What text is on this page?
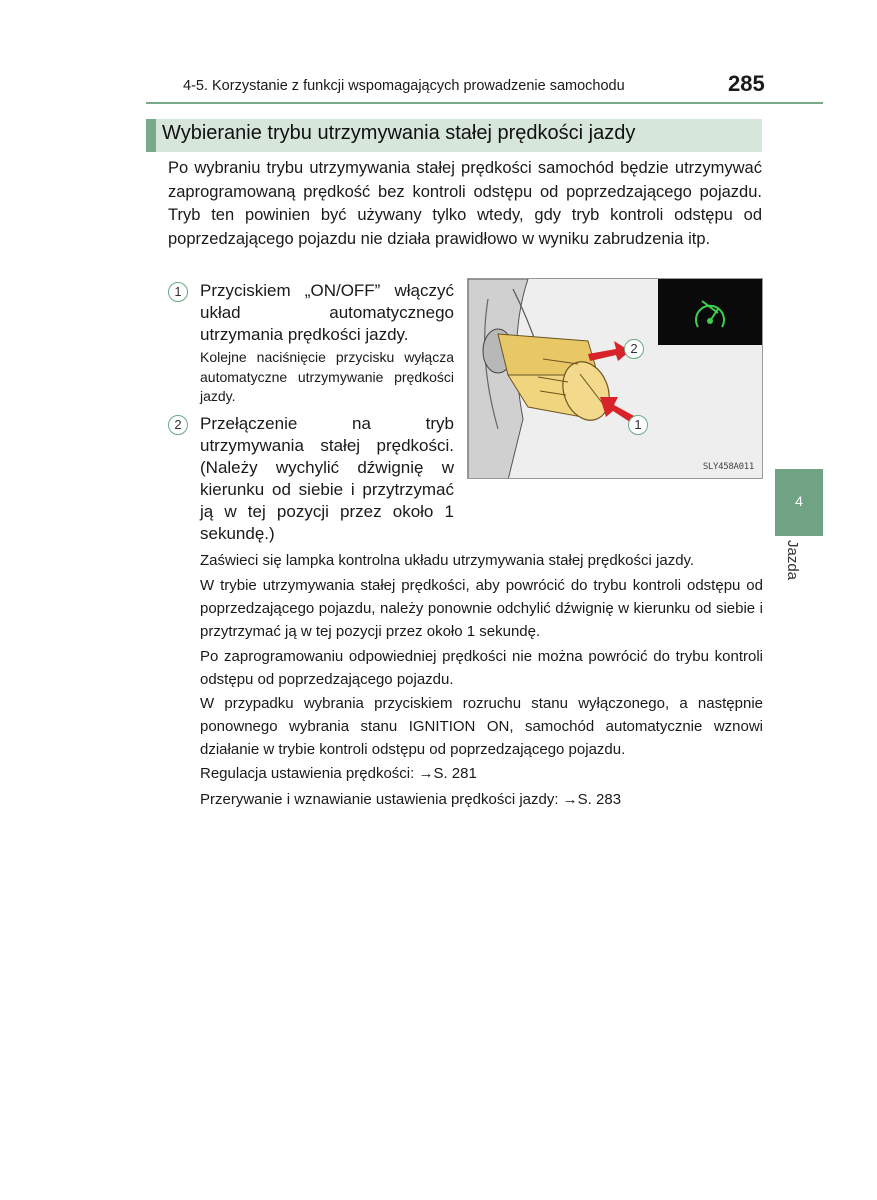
4-5. Korzystanie z funkcji wspomagających prowadzenie samochodu	285
Wybieranie trybu utrzymywania stałej prędkości jazdy

Po wybraniu trybu utrzymywania stałej prędkości samochód będzie utrzymywać zaprogramowaną prędkość bez kontroli odstępu od poprzedzającego pojazdu. Tryb ten powinien być używany tylko wtedy, gdy tryb kontroli odstępu od poprzedzającego pojazdu nie działa prawidłowo w wyniku zabrudzenia itp.

1	Przyciskiem „ON/OFF” włączyć układ automatycznego utrzymania prędkości jazdy.

Kolejne naciśnięcie przycisku wyłącza automatyczne utrzymywanie prędkości jazdy.

2	Przełączenie na tryb utrzymywania stałej prędkości. (Należy wychylić dźwignię w kierunku od siebie i przytrzymać ją w tej pozycji przez około 1 sekundę.)

2
1
SLY458A011

Zaświeci się lampka kontrolna układu utrzymywania stałej prędkości jazdy.

W trybie utrzymywania stałej prędkości, aby powrócić do trybu kontroli odstępu od poprzedzającego pojazdu, należy ponownie odchylić dźwignię w kierunku od siebie i przytrzymać ją w tej pozycji przez około 1 sekundę.

Po zaprogramowaniu odpowiedniej prędkości nie można powrócić do trybu kontroli odstępu od poprzedzającego pojazdu.

W przypadku wybrania przyciskiem rozruchu stanu wyłączonego, a następnie ponownego wybrania stanu IGNITION ON, samochód automatycznie wznowi działanie w trybie kontroli odstępu od poprzedzającego pojazdu.

Regulacja ustawienia prędkości: →S. 281

Przerywanie i wznawianie ustawienia prędkości jazdy: →S. 283

4
Jazda
